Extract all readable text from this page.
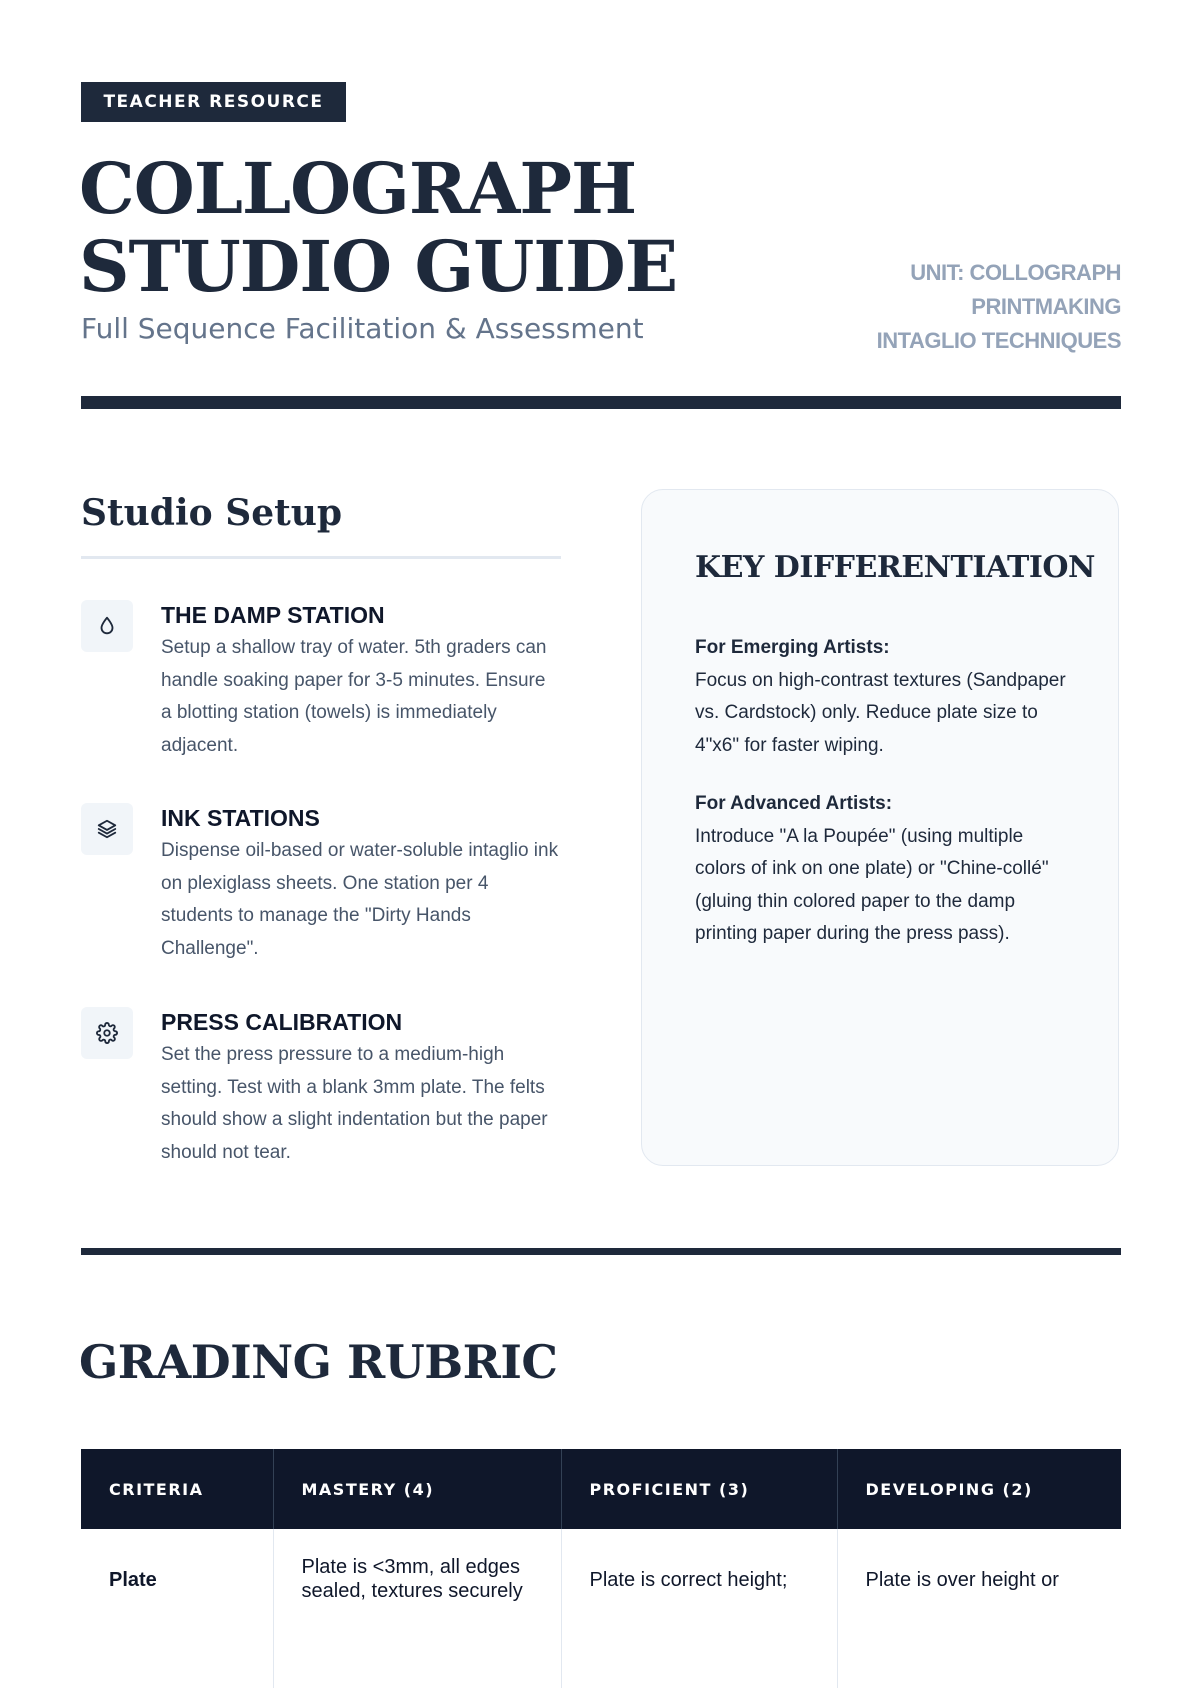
TEACHER RESOURCE
COLLOGRAPH
STUDIO GUIDE
Full Sequence Facilitation & Assessment
UNIT: COLLOGRAPH
PRINTMAKING
INTAGLIO TECHNIQUES
Studio Setup
THE DAMP STATION
Setup a shallow tray of water. 5th graders can handle soaking paper for 3-5 minutes. Ensure a blotting station (towels) is immediately adjacent.
INK STATIONS
Dispense oil-based or water-soluble intaglio ink on plexiglass sheets. One station per 4 students to manage the "Dirty Hands Challenge".
PRESS CALIBRATION
Set the press pressure to a medium-high setting. Test with a blank 3mm plate. The felts should show a slight indentation but the paper should not tear.
KEY DIFFERENTIATION
For Emerging Artists:
Focus on high-contrast textures (Sandpaper vs. Cardstock) only. Reduce plate size to 4"x6" for faster wiping.
For Advanced Artists:
Introduce "A la Poupée" (using multiple colors of ink on one plate) or "Chine-collé" (gluing thin colored paper to the damp printing paper during the press pass).
GRADING RUBRIC
CRITERIA	MASTERY (4)	PROFICIENT (3)	DEVELOPING (2)
Plate	Plate is <3mm, all edges sealed, textures securely	Plate is correct height;	Plate is over height or
